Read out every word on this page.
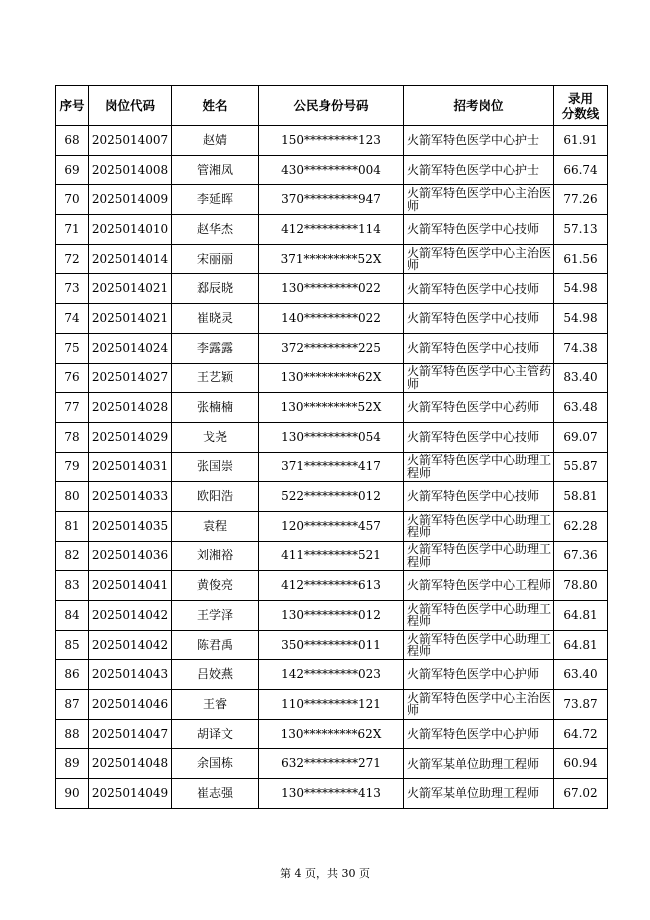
序号	岗位代码	姓名	公民身份号码	招考岗位	录用
分数线

68	2025014007	赵婧	150*********123	火箭军特色医学中心护士	61.91
69	2025014008	管湘凤	430*********004	火箭军特色医学中心护士	66.74
70	2025014009	李延晖	370*********947	火箭军特色医学中心主治医师	77.26
71	2025014010	赵华杰	412*********114	火箭军特色医学中心技师	57.13
72	2025014014	宋丽丽	371*********52X	火箭军特色医学中心主治医师	61.56
73	2025014021	郄辰晓	130*********022	火箭军特色医学中心技师	54.98
74	2025014021	崔晓灵	140*********022	火箭军特色医学中心技师	54.98
75	2025014024	李露露	372*********225	火箭军特色医学中心技师	74.38
76	2025014027	王艺颖	130*********62X	火箭军特色医学中心主管药师	83.40
77	2025014028	张楠楠	130*********52X	火箭军特色医学中心药师	63.48
78	2025014029	戈尧	130*********054	火箭军特色医学中心技师	69.07
79	2025014031	张国崇	371*********417	火箭军特色医学中心助理工程师	55.87
80	2025014033	欧阳浩	522*********012	火箭军特色医学中心技师	58.81
81	2025014035	袁程	120*********457	火箭军特色医学中心助理工程师	62.28
82	2025014036	刘湘裕	411*********521	火箭军特色医学中心助理工程师	67.36
83	2025014041	黄俊亮	412*********613	火箭军特色医学中心工程师	78.80
84	2025014042	王学泽	130*********012	火箭军特色医学中心助理工程师	64.81
85	2025014042	陈君禹	350*********011	火箭军特色医学中心助理工程师	64.81
86	2025014043	吕姣燕	142*********023	火箭军特色医学中心护师	63.40
87	2025014046	王睿	110*********121	火箭军特色医学中心主治医师	73.87
88	2025014047	胡译文	130*********62X	火箭军特色医学中心护师	64.72
89	2025014048	余国栋	632*********271	火箭军某单位助理工程师	60.94
90	2025014049	崔志强	130*********413	火箭军某单位助理工程师	67.02
第 4 页，共 30 页
